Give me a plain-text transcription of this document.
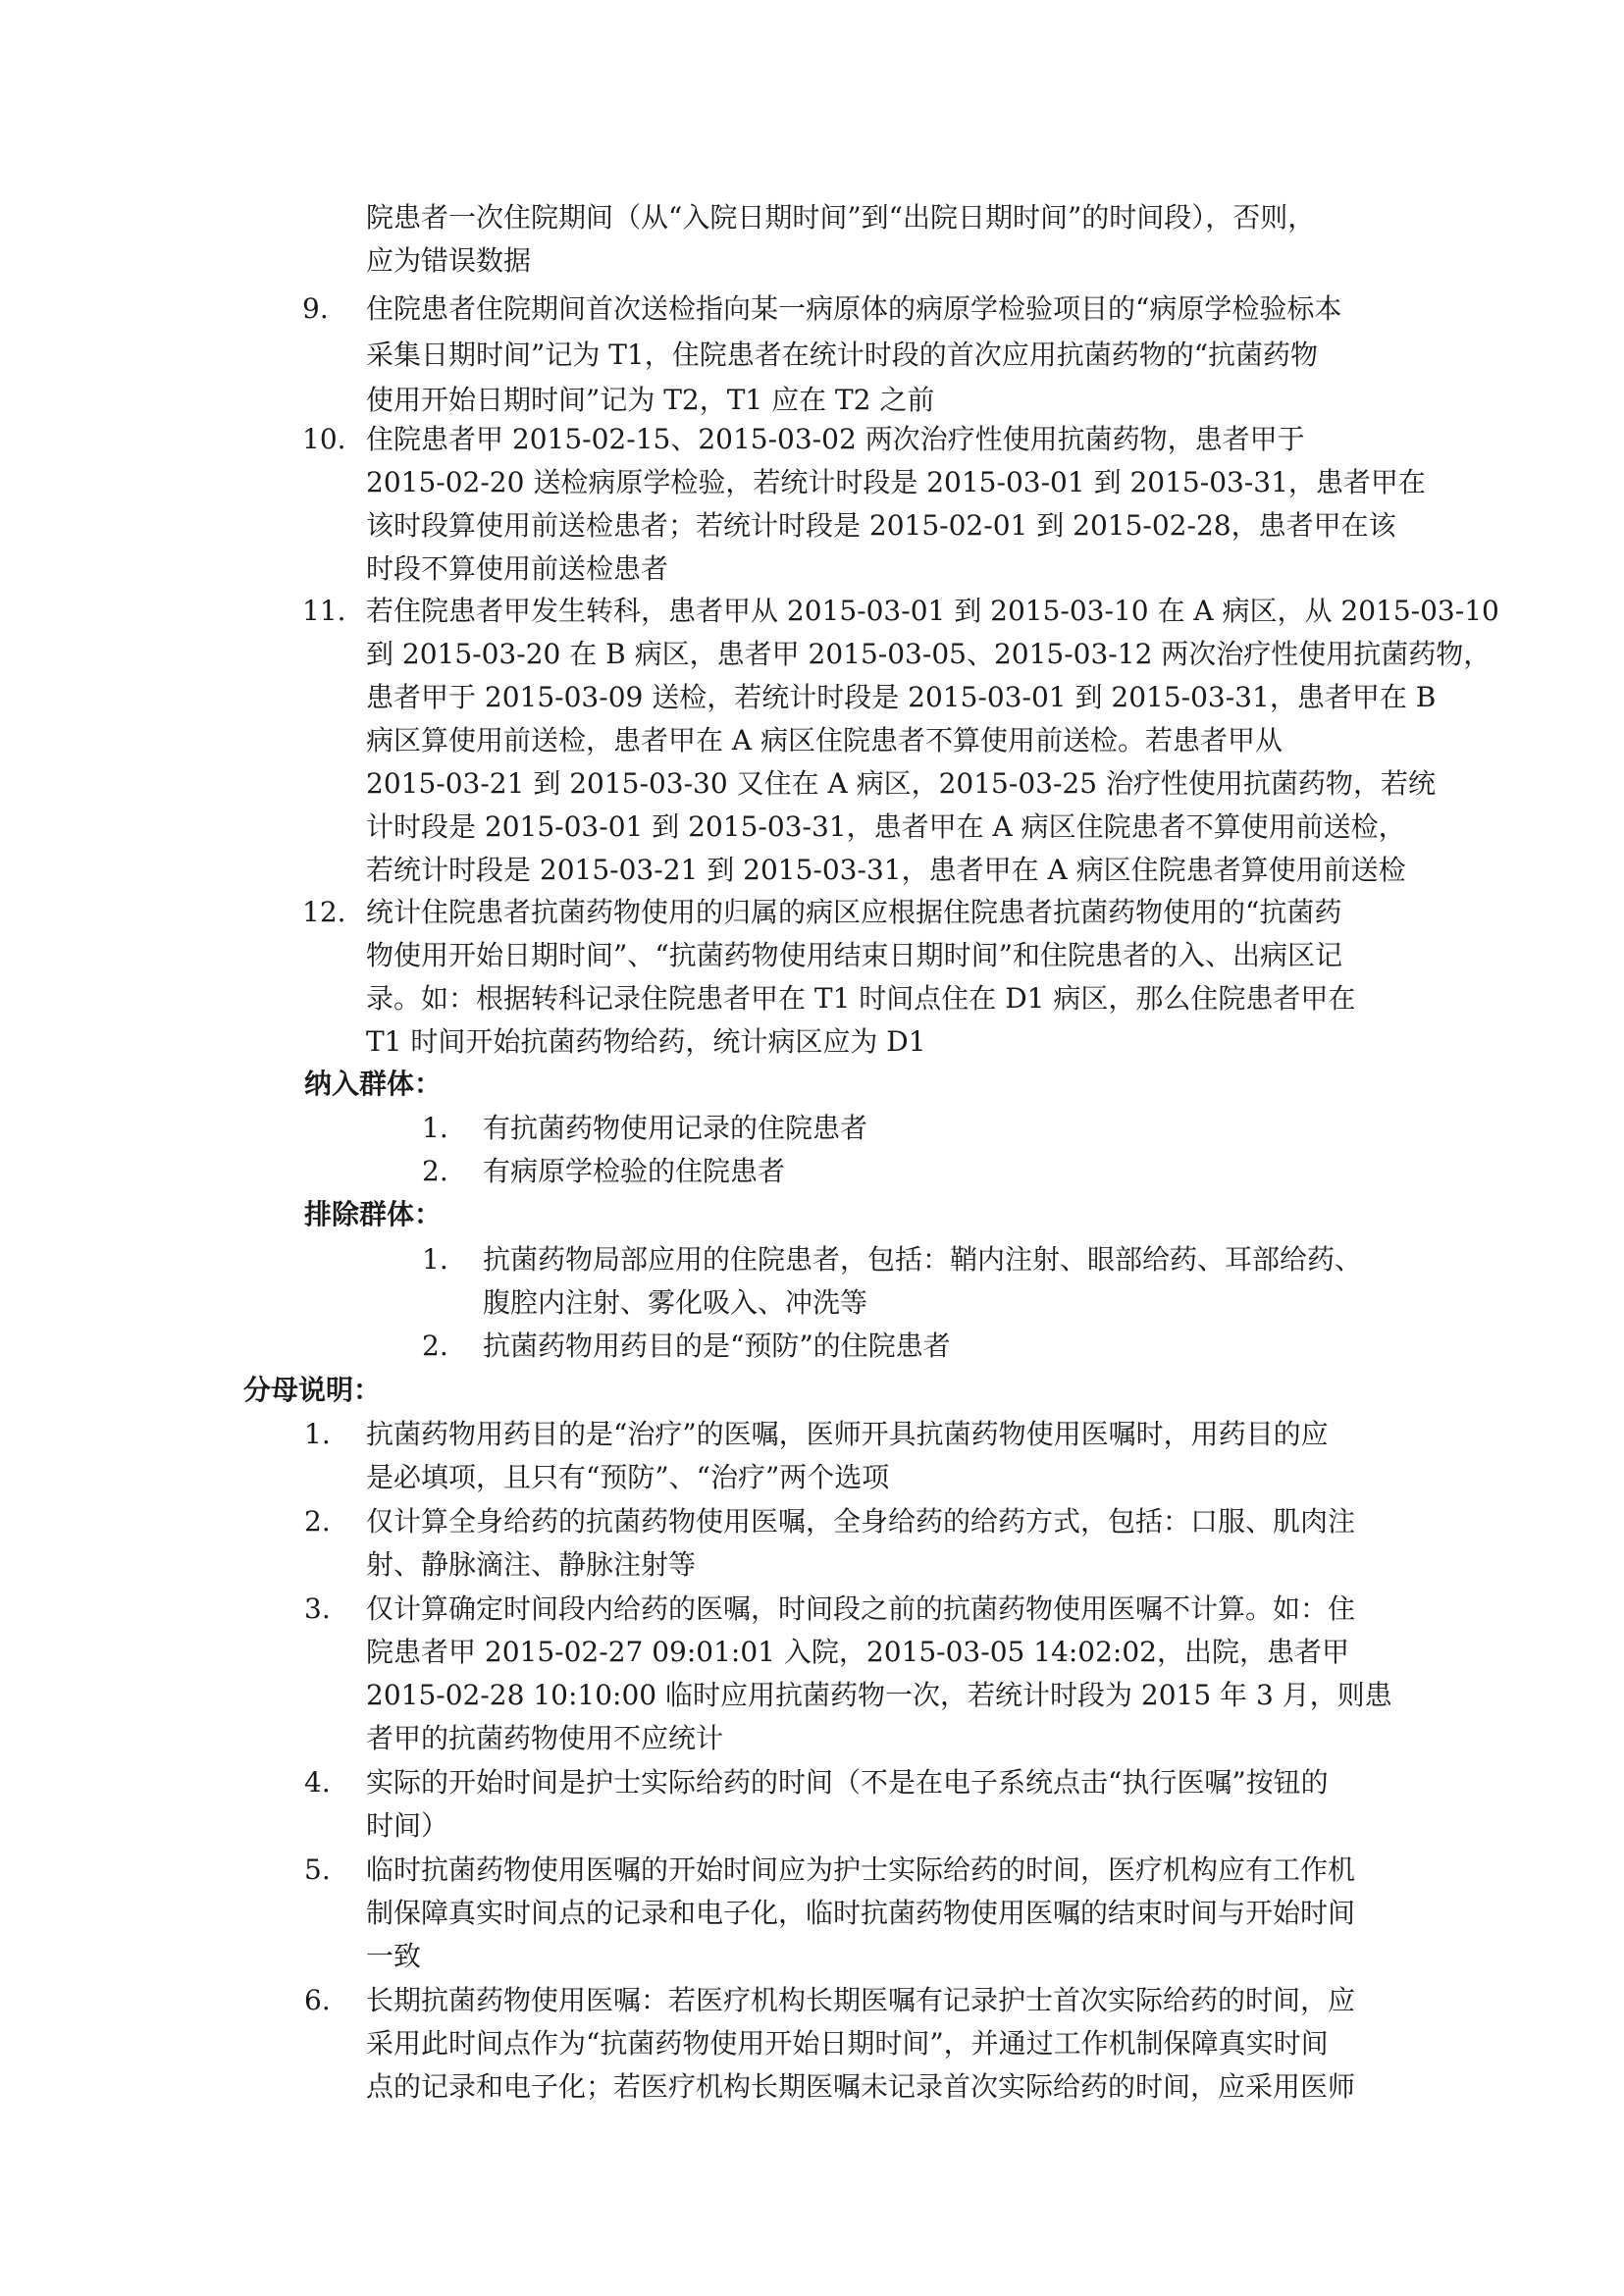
院患者一次住院期间（从“入院日期时间”到“出院日期时间”的时间段），否则，
应为错误数据
9. 住院患者住院期间首次送检指向某一病原体的病原学检验项目的“病原学检验标本
采集日期时间”记为 T1，住院患者在统计时段的首次应用抗菌药物的“抗菌药物
使用开始日期时间”记为 T2，T1 应在 T2 之前
10. 住院患者甲 2015-02-15、2015-03-02 两次治疗性使用抗菌药物，患者甲于
2015-02-20 送检病原学检验，若统计时段是 2015-03-01 到 2015-03-31，患者甲在
该时段算使用前送检患者；若统计时段是 2015-02-01 到 2015-02-28，患者甲在该
时段不算使用前送检患者
11. 若住院患者甲发生转科，患者甲从 2015-03-01 到 2015-03-10 在 A 病区，从 2015-03-10
到 2015-03-20 在 B 病区，患者甲 2015-03-05、2015-03-12 两次治疗性使用抗菌药物，
患者甲于 2015-03-09 送检，若统计时段是 2015-03-01 到 2015-03-31，患者甲在 B
病区算使用前送检，患者甲在 A 病区住院患者不算使用前送检。若患者甲从
2015-03-21 到 2015-03-30 又住在 A 病区，2015-03-25 治疗性使用抗菌药物，若统
计时段是 2015-03-01 到 2015-03-31，患者甲在 A 病区住院患者不算使用前送检，
若统计时段是 2015-03-21 到 2015-03-31，患者甲在 A 病区住院患者算使用前送检
12. 统计住院患者抗菌药物使用的归属的病区应根据住院患者抗菌药物使用的“抗菌药
物使用开始日期时间”、“抗菌药物使用结束日期时间”和住院患者的入、出病区记
录。如：根据转科记录住院患者甲在 T1 时间点住在 D1 病区，那么住院患者甲在
T1 时间开始抗菌药物给药，统计病区应为 D1
纳入群体：
1. 有抗菌药物使用记录的住院患者
2. 有病原学检验的住院患者
排除群体：
1. 抗菌药物局部应用的住院患者，包括：鞘内注射、眼部给药、耳部给药、
腹腔内注射、雾化吸入、冲洗等
2. 抗菌药物用药目的是“预防”的住院患者
分母说明：
1. 抗菌药物用药目的是“治疗”的医嘱，医师开具抗菌药物使用医嘱时，用药目的应
是必填项，且只有“预防”、“治疗”两个选项
2. 仅计算全身给药的抗菌药物使用医嘱，全身给药的给药方式，包括：口服、肌肉注
射、静脉滴注、静脉注射等
3. 仅计算确定时间段内给药的医嘱，时间段之前的抗菌药物使用医嘱不计算。如：住
院患者甲 2015-02-27 09:01:01 入院，2015-03-05 14:02:02，出院，患者甲
2015-02-28 10:10:00 临时应用抗菌药物一次，若统计时段为 2015 年 3 月，则患
者甲的抗菌药物使用不应统计
4. 实际的开始时间是护士实际给药的时间（不是在电子系统点击“执行医嘱”按钮的
时间）
5. 临时抗菌药物使用医嘱的开始时间应为护士实际给药的时间，医疗机构应有工作机
制保障真实时间点的记录和电子化，临时抗菌药物使用医嘱的结束时间与开始时间
一致
6. 长期抗菌药物使用医嘱：若医疗机构长期医嘱有记录护士首次实际给药的时间，应
采用此时间点作为“抗菌药物使用开始日期时间”，并通过工作机制保障真实时间
点的记录和电子化；若医疗机构长期医嘱未记录首次实际给药的时间，应采用医师
